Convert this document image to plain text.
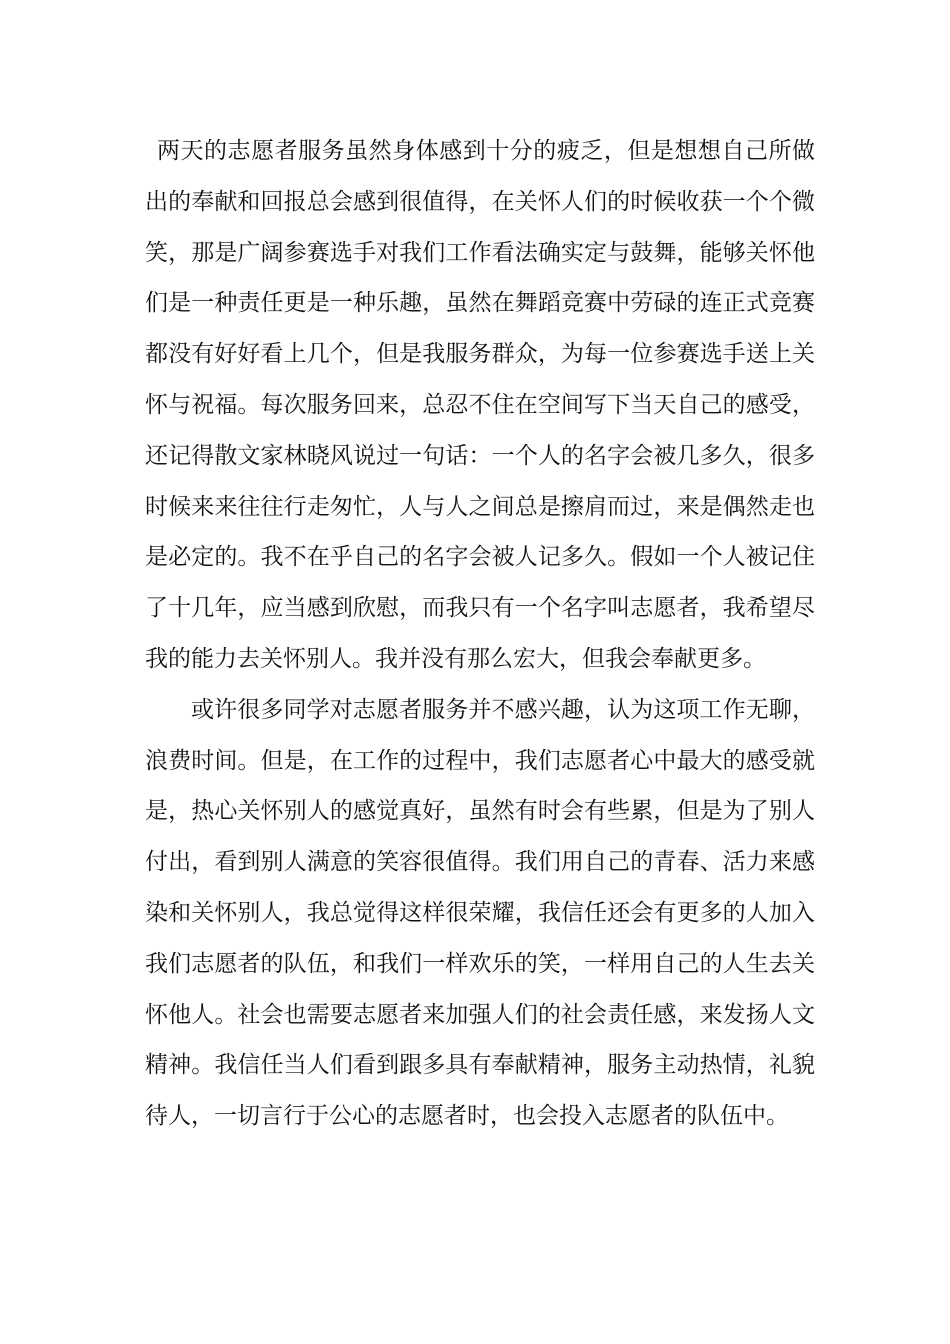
两天的志愿者服务虽然身体感到十分的疲乏，但是想想自己所做出的奉献和回报总会感到很值得，在关怀人们的时候收获一个个微笑，那是广阔参赛选手对我们工作看法确实定与鼓舞，能够关怀他们是一种责任更是一种乐趣，虽然在舞蹈竞赛中劳碌的连正式竞赛都没有好好看上几个，但是我服务群众，为每一位参赛选手送上关怀与祝福。每次服务回来，总忍不住在空间写下当天自己的感受，还记得散文家林晓风说过一句话：一个人的名字会被几多久，很多时候来来往往行走匆忙，人与人之间总是擦肩而过，来是偶然走也是必定的。我不在乎自己的名字会被人记多久。假如一个人被记住了十几年，应当感到欣慰，而我只有一个名字叫志愿者，我希望尽我的能力去关怀别人。我并没有那么宏大，但我会奉献更多。

或许很多同学对志愿者服务并不感兴趣，认为这项工作无聊，浪费时间。但是，在工作的过程中，我们志愿者心中最大的感受就是，热心关怀别人的感觉真好，虽然有时会有些累，但是为了别人付出，看到别人满意的笑容很值得。我们用自己的青春、活力来感染和关怀别人，我总觉得这样很荣耀，我信任还会有更多的人加入我们志愿者的队伍，和我们一样欢乐的笑，一样用自己的人生去关怀他人。社会也需要志愿者来加强人们的社会责任感，来发扬人文精神。我信任当人们看到跟多具有奉献精神，服务主动热情，礼貌待人，一切言行于公心的志愿者时，也会投入志愿者的队伍中。
